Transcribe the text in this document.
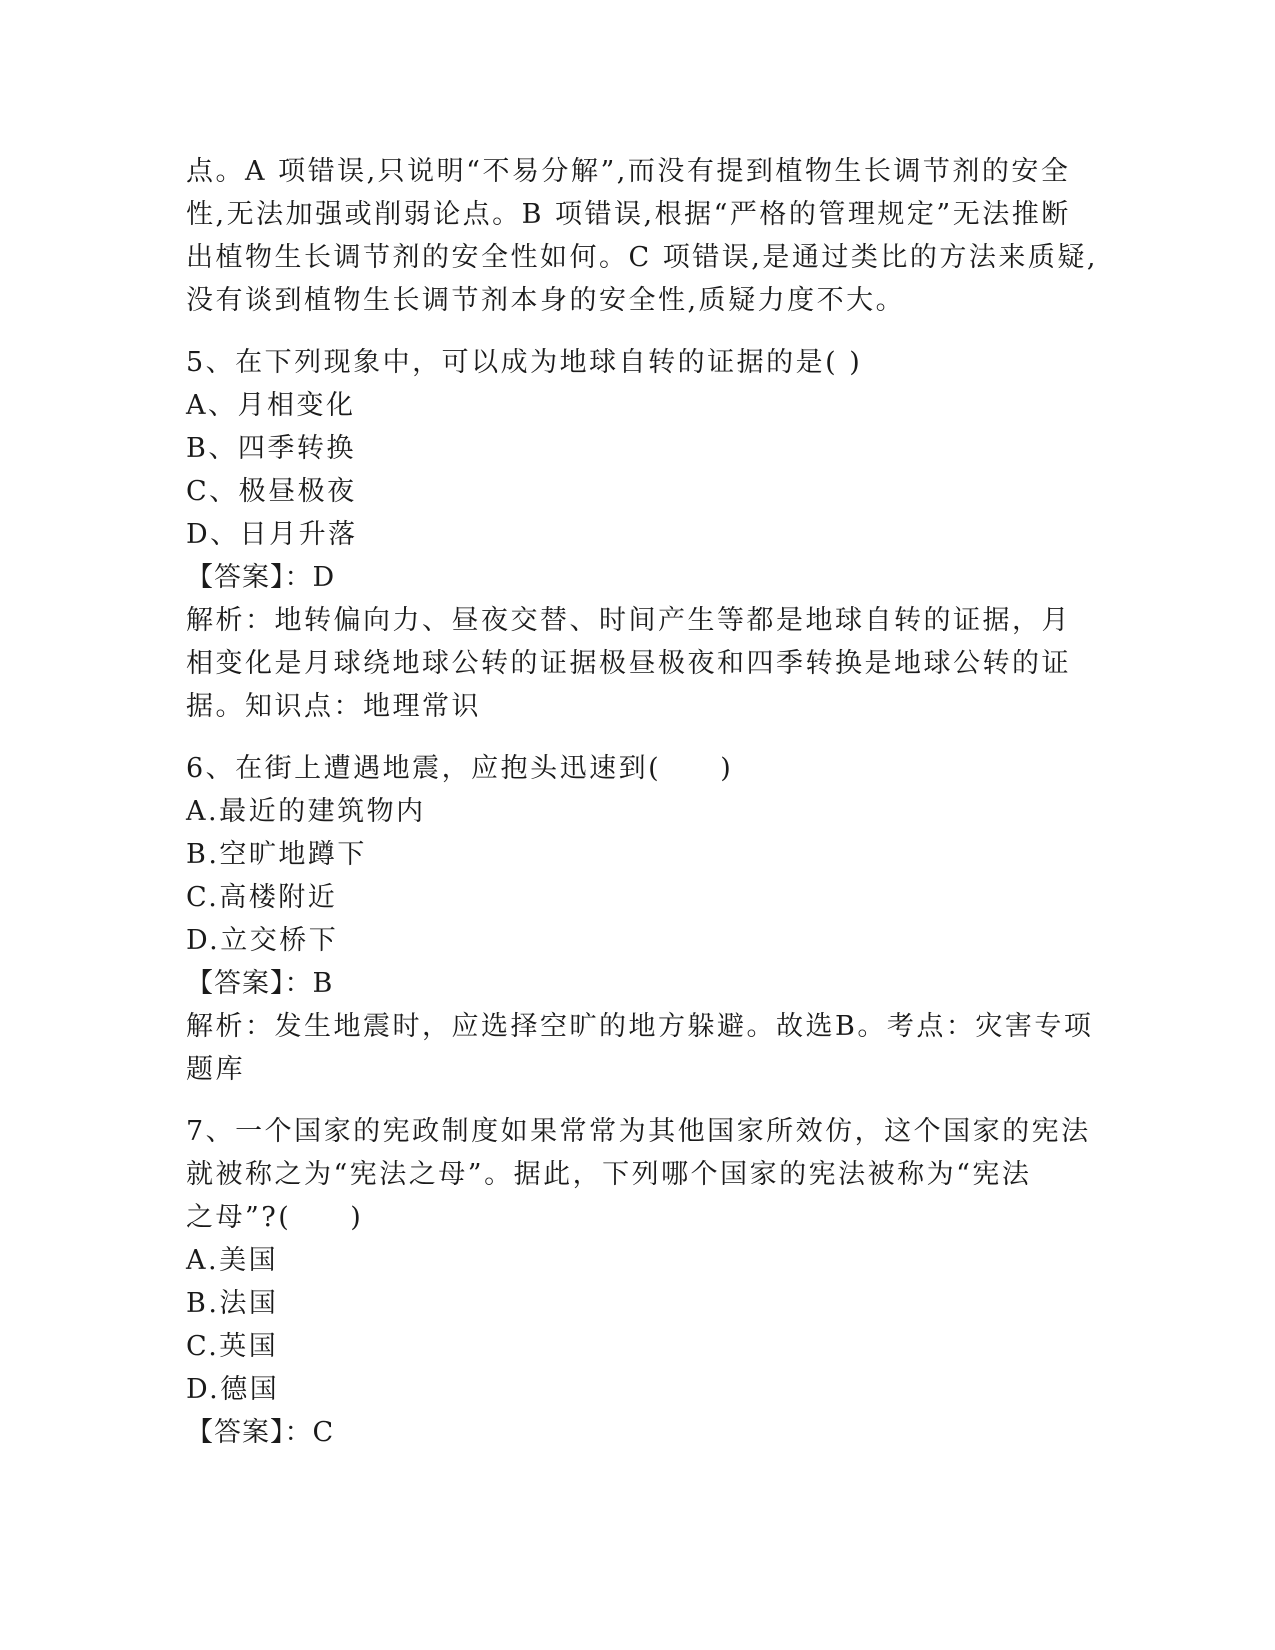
点。A 项错误,只说明“不易分解”,而没有提到植物生长调节剂的安全
性,无法加强或削弱论点。B 项错误,根据“严格的管理规定”无法推断
出植物生长调节剂的安全性如何。C 项错误,是通过类比的方法来质疑,
没有谈到植物生长调节剂本身的安全性,质疑力度不大。
5、在下列现象中，可以成为地球自转的证据的是( )
A、月相变化
B、四季转换
C、极昼极夜
D、日月升落
【答案】：D
解析：地转偏向力、昼夜交替、时间产生等都是地球自转的证据，月
相变化是月球绕地球公转的证据极昼极夜和四季转换是地球公转的证
据。知识点：地理常识
6、在街上遭遇地震，应抱头迅速到(　　)
A.最近的建筑物内
B.空旷地蹲下
C.高楼附近
D.立交桥下
【答案】：B
解析：发生地震时，应选择空旷的地方躲避。故选B。考点：灾害专项
题库
7、一个国家的宪政制度如果常常为其他国家所效仿，这个国家的宪法
就被称之为“宪法之母”。据此，下列哪个国家的宪法被称为“宪法
之母”?(　　)
A.美国
B.法国
C.英国
D.德国
【答案】：C
